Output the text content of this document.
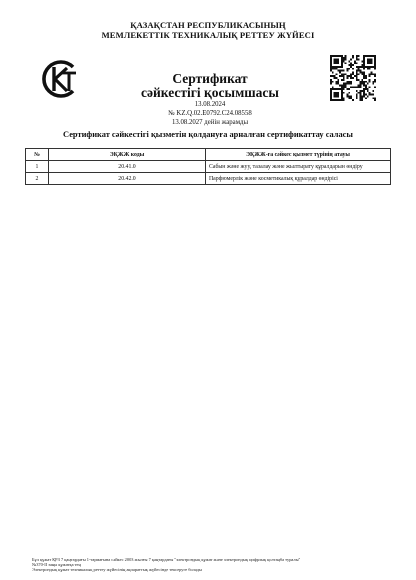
ҚАЗАҚСТАН РЕСПУБЛИКАСЫНЫҢ
МЕМЛЕКЕТТІК ТЕХНИКАЛЫҚ РЕТТЕУ ЖҮЙЕСІ
Сертификат
сәйкестігі қосымшасы
13.08.2024
№ KZ.Q.02.E0792.C24.08558
13.08.2027 дейін жарамды
Сертификат сәйкестігі қызметін қолдануға арналған сертификаттау саласы
№	ЭҚЖЖ коды	ЭҚЖЖ-ға сәйкес қызмет түрінің атауы
1	20.41.0	Сабын және жуу, тазалау және жылтырату құралдарын өндіру
2	20.42.0	Парфюмерлік және косметикалық құралдар өндірісі
Бұл құжат ҚРЗ 7 қаңтардағы 1-тармағына сәйкес 2003 жылғы 7 қаңтардағы "электрондық құжат және электрондық цифрлық қолтаңба туралы"
№370-II заңы құжатқа тең
Электрондық құжат техникалық реттеу жүйесінің ақпараттық жүйесінде тексеруге болады
